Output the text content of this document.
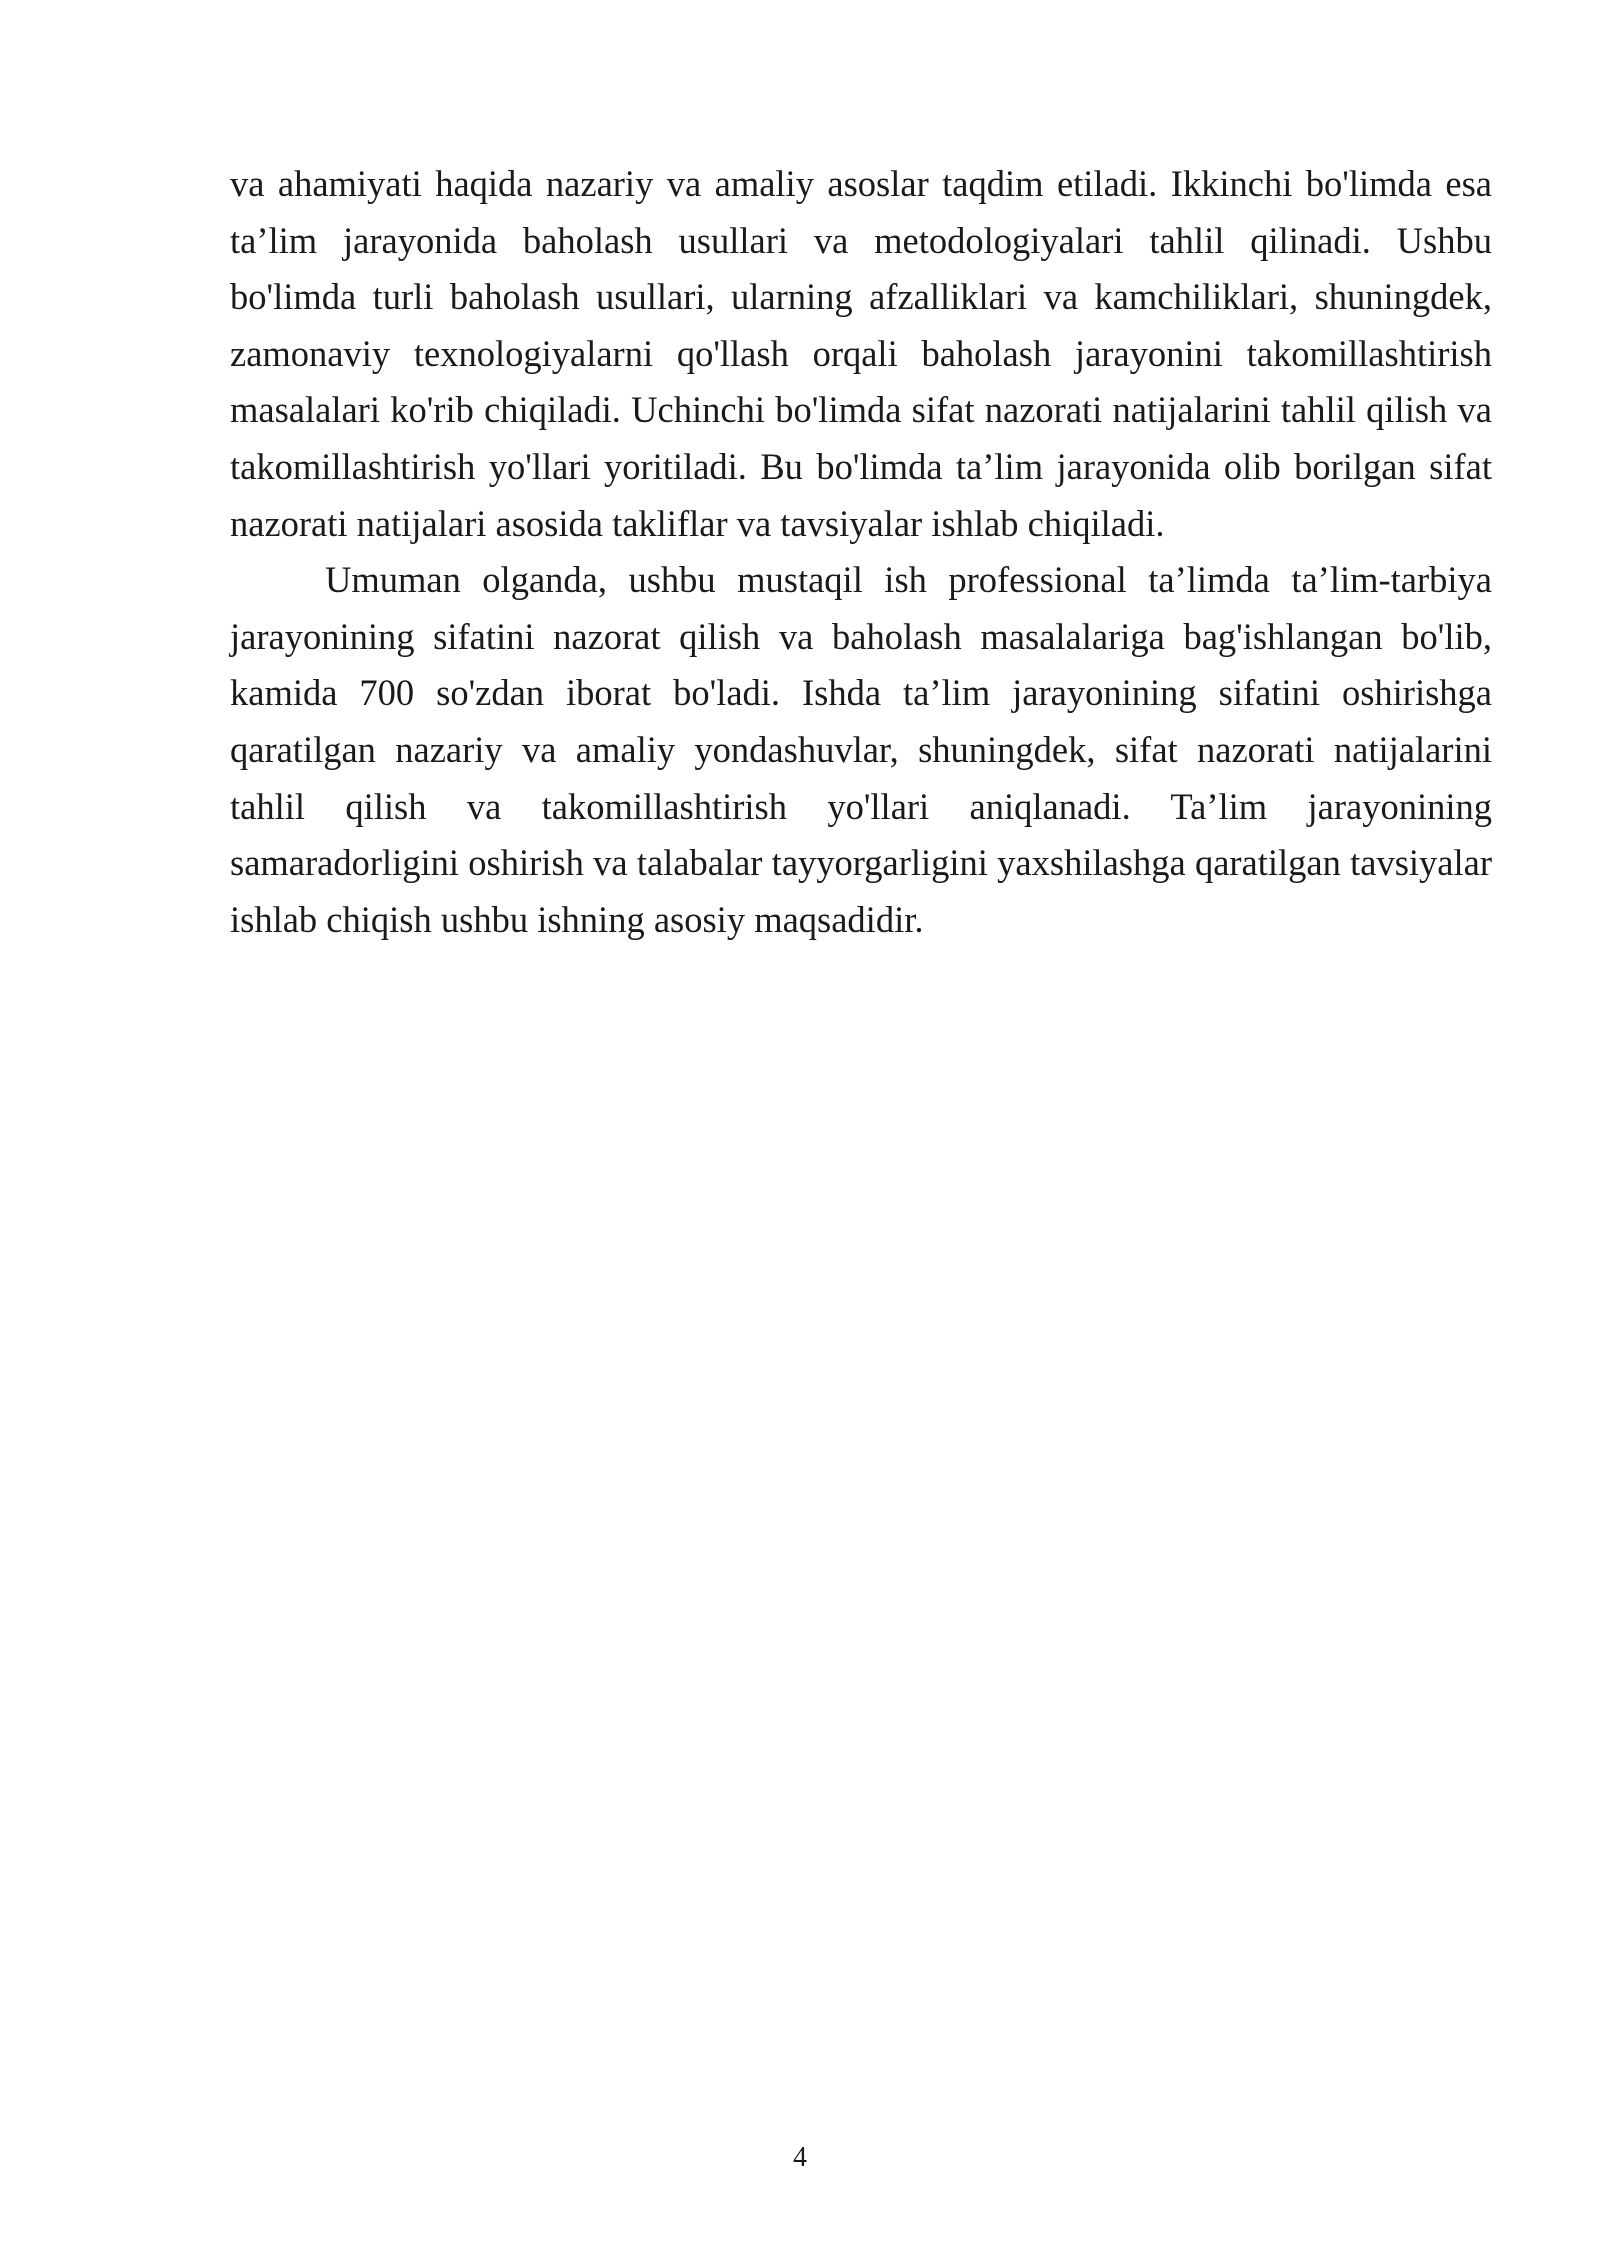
va ahamiyati haqida nazariy va amaliy asoslar taqdim etiladi. Ikkinchi bo'limda esa ta’lim jarayonida baholash usullari va metodologiyalari tahlil qilinadi. Ushbu bo'limda turli baholash usullari, ularning afzalliklari va kamchiliklari, shuningdek, zamonaviy texnologiyalarni qo'llash orqali baholash jarayonini takomillashtirish masalalari ko'rib chiqiladi. Uchinchi bo'limda sifat nazorati natijalarini tahlil qilish va takomillashtirish yo'llari yoritiladi. Bu bo'limda ta’lim jarayonida olib borilgan sifat nazorati natijalari asosida takliflar va tavsiyalar ishlab chiqiladi.

Umuman olganda, ushbu mustaqil ish professional ta’limda ta’lim-tarbiya jarayonining sifatini nazorat qilish va baholash masalalariga bag'ishlangan bo'lib, kamida 700 so'zdan iborat bo'ladi. Ishda ta’lim jarayonining sifatini oshirishga qaratilgan nazariy va amaliy yondashuvlar, shuningdek, sifat nazorati natijalarini tahlil qilish va takomillashtirish yo'llari aniqlanadi. Ta’lim jarayonining samaradorligini oshirish va talabalar tayyorgarligini yaxshilashga qaratilgan tavsiyalar ishlab chiqish ushbu ishning asosiy maqsadidir.

4
